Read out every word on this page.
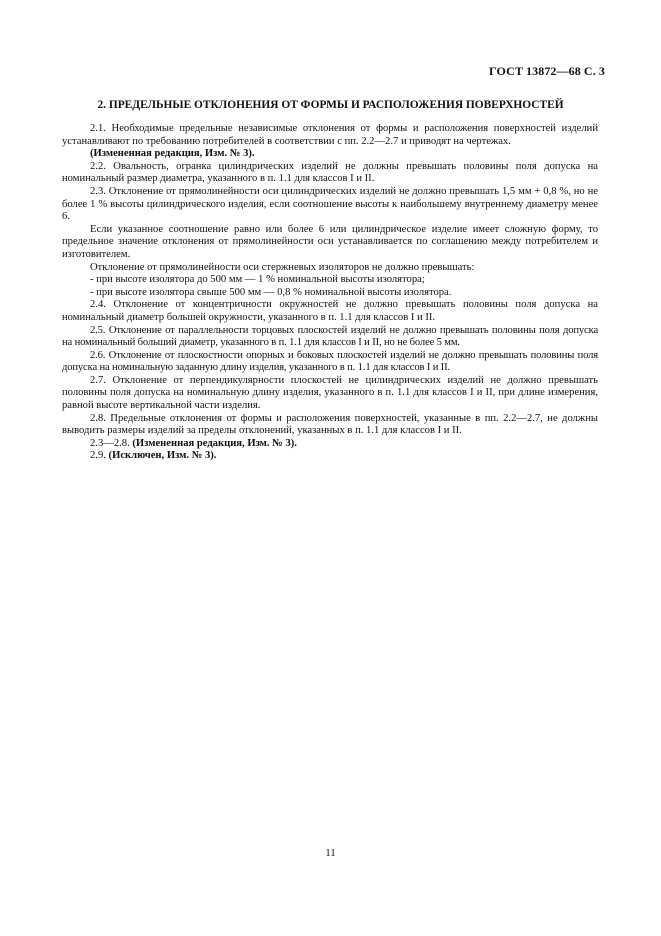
ГОСТ 13872—68 С. 3
2. ПРЕДЕЛЬНЫЕ ОТКЛОНЕНИЯ ОТ ФОРМЫ И РАСПОЛОЖЕНИЯ ПОВЕРХНОСТЕЙ

2.1. Необходимые предельные независимые отклонения от формы и расположения поверхностей изделий устанавливают по требованию потребителей в соответствии с пп. 2.2—2.7 и приводят на чертежах.

(Измененная редакция, Изм. № 3).

2.2. Овальность, огранка цилиндрических изделий не должны превышать половины поля допуска на номинальный размер диаметра, указанного в п. 1.1 для классов I и II.

2.3. Отклонение от прямолинейности оси цилиндрических изделий не должно превышать 1,5 мм + 0,8 %, но не более 1 % высоты цилиндрического изделия, если соотношение высоты к наибольшему внутреннему диаметру менее 6.

Если указанное соотношение равно или более 6 или цилиндрическое изделие имеет сложную форму, то предельное значение отклонения от прямолинейности оси устанавливается по соглашению между потребителем и изготовителем.

Отклонение от прямолинейности оси стержневых изоляторов не должно превышать:

- при высоте изолятора до 500 мм — 1 % номинальной высоты изолятора;

- при высоте изолятора свыше 500 мм — 0,8 % номинальной высоты изолятора.

2.4. Отклонение от концентричности окружностей не должно превышать половины поля допуска на номинальный диаметр большей окружности, указанного в п. 1.1 для классов I и II.

2.5. Отклонение от параллельности торцовых плоскостей изделий не должно превышать половины поля допуска на номинальный больший диаметр, указанного в п. 1.1 для классов I и II, но не более 5 мм.

2.6. Отклонение от плоскостности опорных и боковых плоскостей изделий не должно превышать половины поля допуска на номинальную заданную длину изделия, указанного в п. 1.1 для классов I и II.

2.7. Отклонение от перпендикулярности плоскостей не цилиндрических изделий не должно превышать половины поля допуска на номинальную длину изделия, указанного в п. 1.1 для классов I и II, при длине измерения, равной высоте вертикальной части изделия.

2.8. Предельные отклонения от формы и расположения поверхностей, указанные в пп. 2.2—2.7, не должны выводить размеры изделий за пределы отклонений, указанных в п. 1.1 для классов I и II.

2.3—2.8. (Измененная редакция, Изм. № 3).

2.9. (Исключен, Изм. № 3).

11
